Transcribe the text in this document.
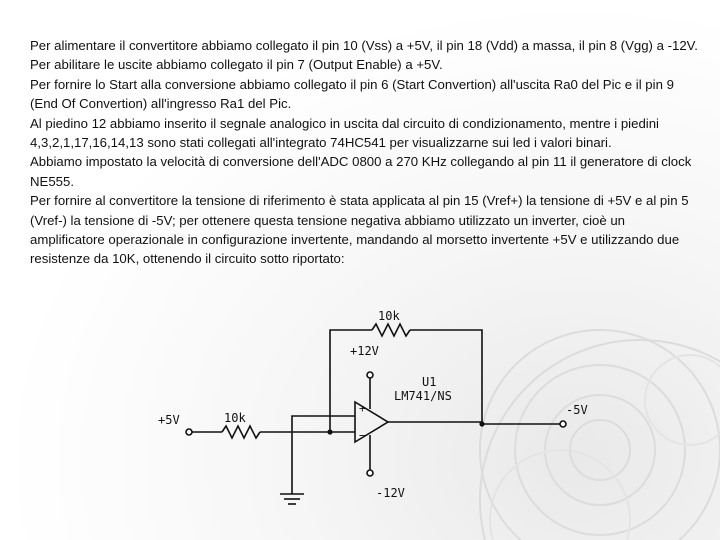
Per alimentare il convertitore abbiamo collegato il pin 10 (Vss) a +5V, il pin 18 (Vdd) a massa, il pin 8 (Vgg) a -12V.

Per abilitare le uscite abbiamo collegato il pin 7 (Output Enable) a +5V.

Per fornire lo Start alla conversione abbiamo collegato il pin 6 (Start Convertion) all'uscita Ra0 del Pic e il pin 9 (End Of Convertion) all'ingresso Ra1 del Pic.

Al piedino 12 abbiamo inserito il segnale analogico in uscita dal circuito di condizionamento, mentre i piedini 4,3,2,1,17,16,14,13 sono stati collegati all'integrato 74HC541 per visualizzarne sui led i valori binari.

Abbiamo impostato la velocità di conversione dell'ADC 0800 a 270 KHz collegando al pin 11 il generatore di clock NE555.

Per fornire al convertitore la tensione di riferimento è stata applicata al pin 15 (Vref+) la tensione di +5V e al pin 5 (Vref-) la tensione di -5V; per ottenere questa tensione negativa abbiamo utilizzato un inverter, cioè un amplificatore operazionale in configurazione invertente, mandando al morsetto invertente +5V e utilizzando due resistenze da 10K, ottenendo il circuito sotto riportato:

10k
+12V
U1
LM741/NS
+5V	10k
-5V
-12V
+
−
